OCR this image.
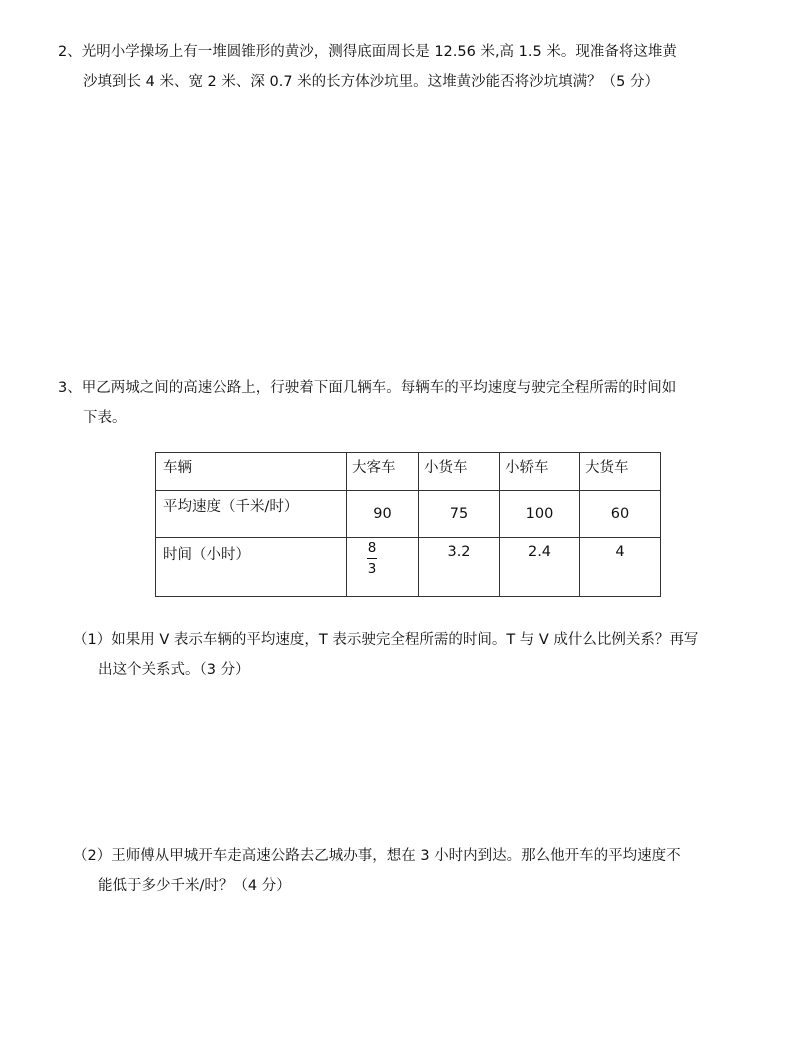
2、光明小学操场上有一堆圆锥形的黄沙，测得底面周长是 12.56 米,高 1.5 米。现准备将这堆黄
沙填到长 4 米、宽 2 米、深 0.7 米的长方体沙坑里。这堆黄沙能否将沙坑填满？（5 分）
3、甲乙两城之间的高速公路上，行驶着下面几辆车。每辆车的平均速度与驶完全程所需的时间如
下表。
车辆	大客车	小货车	小轿车	大货车
平均速度（千米/时）	90	75	100	60
时间（小时）	$\frac{8}{3}$	3.2	2.4	4
（1）如果用 V 表示车辆的平均速度，T 表示驶完全程所需的时间。T 与 V 成什么比例关系？再写
出这个关系式。（3 分）
（2）王师傅从甲城开车走高速公路去乙城办事，想在 3 小时内到达。那么他开车的平均速度不
能低于多少千米/时？（4 分）
